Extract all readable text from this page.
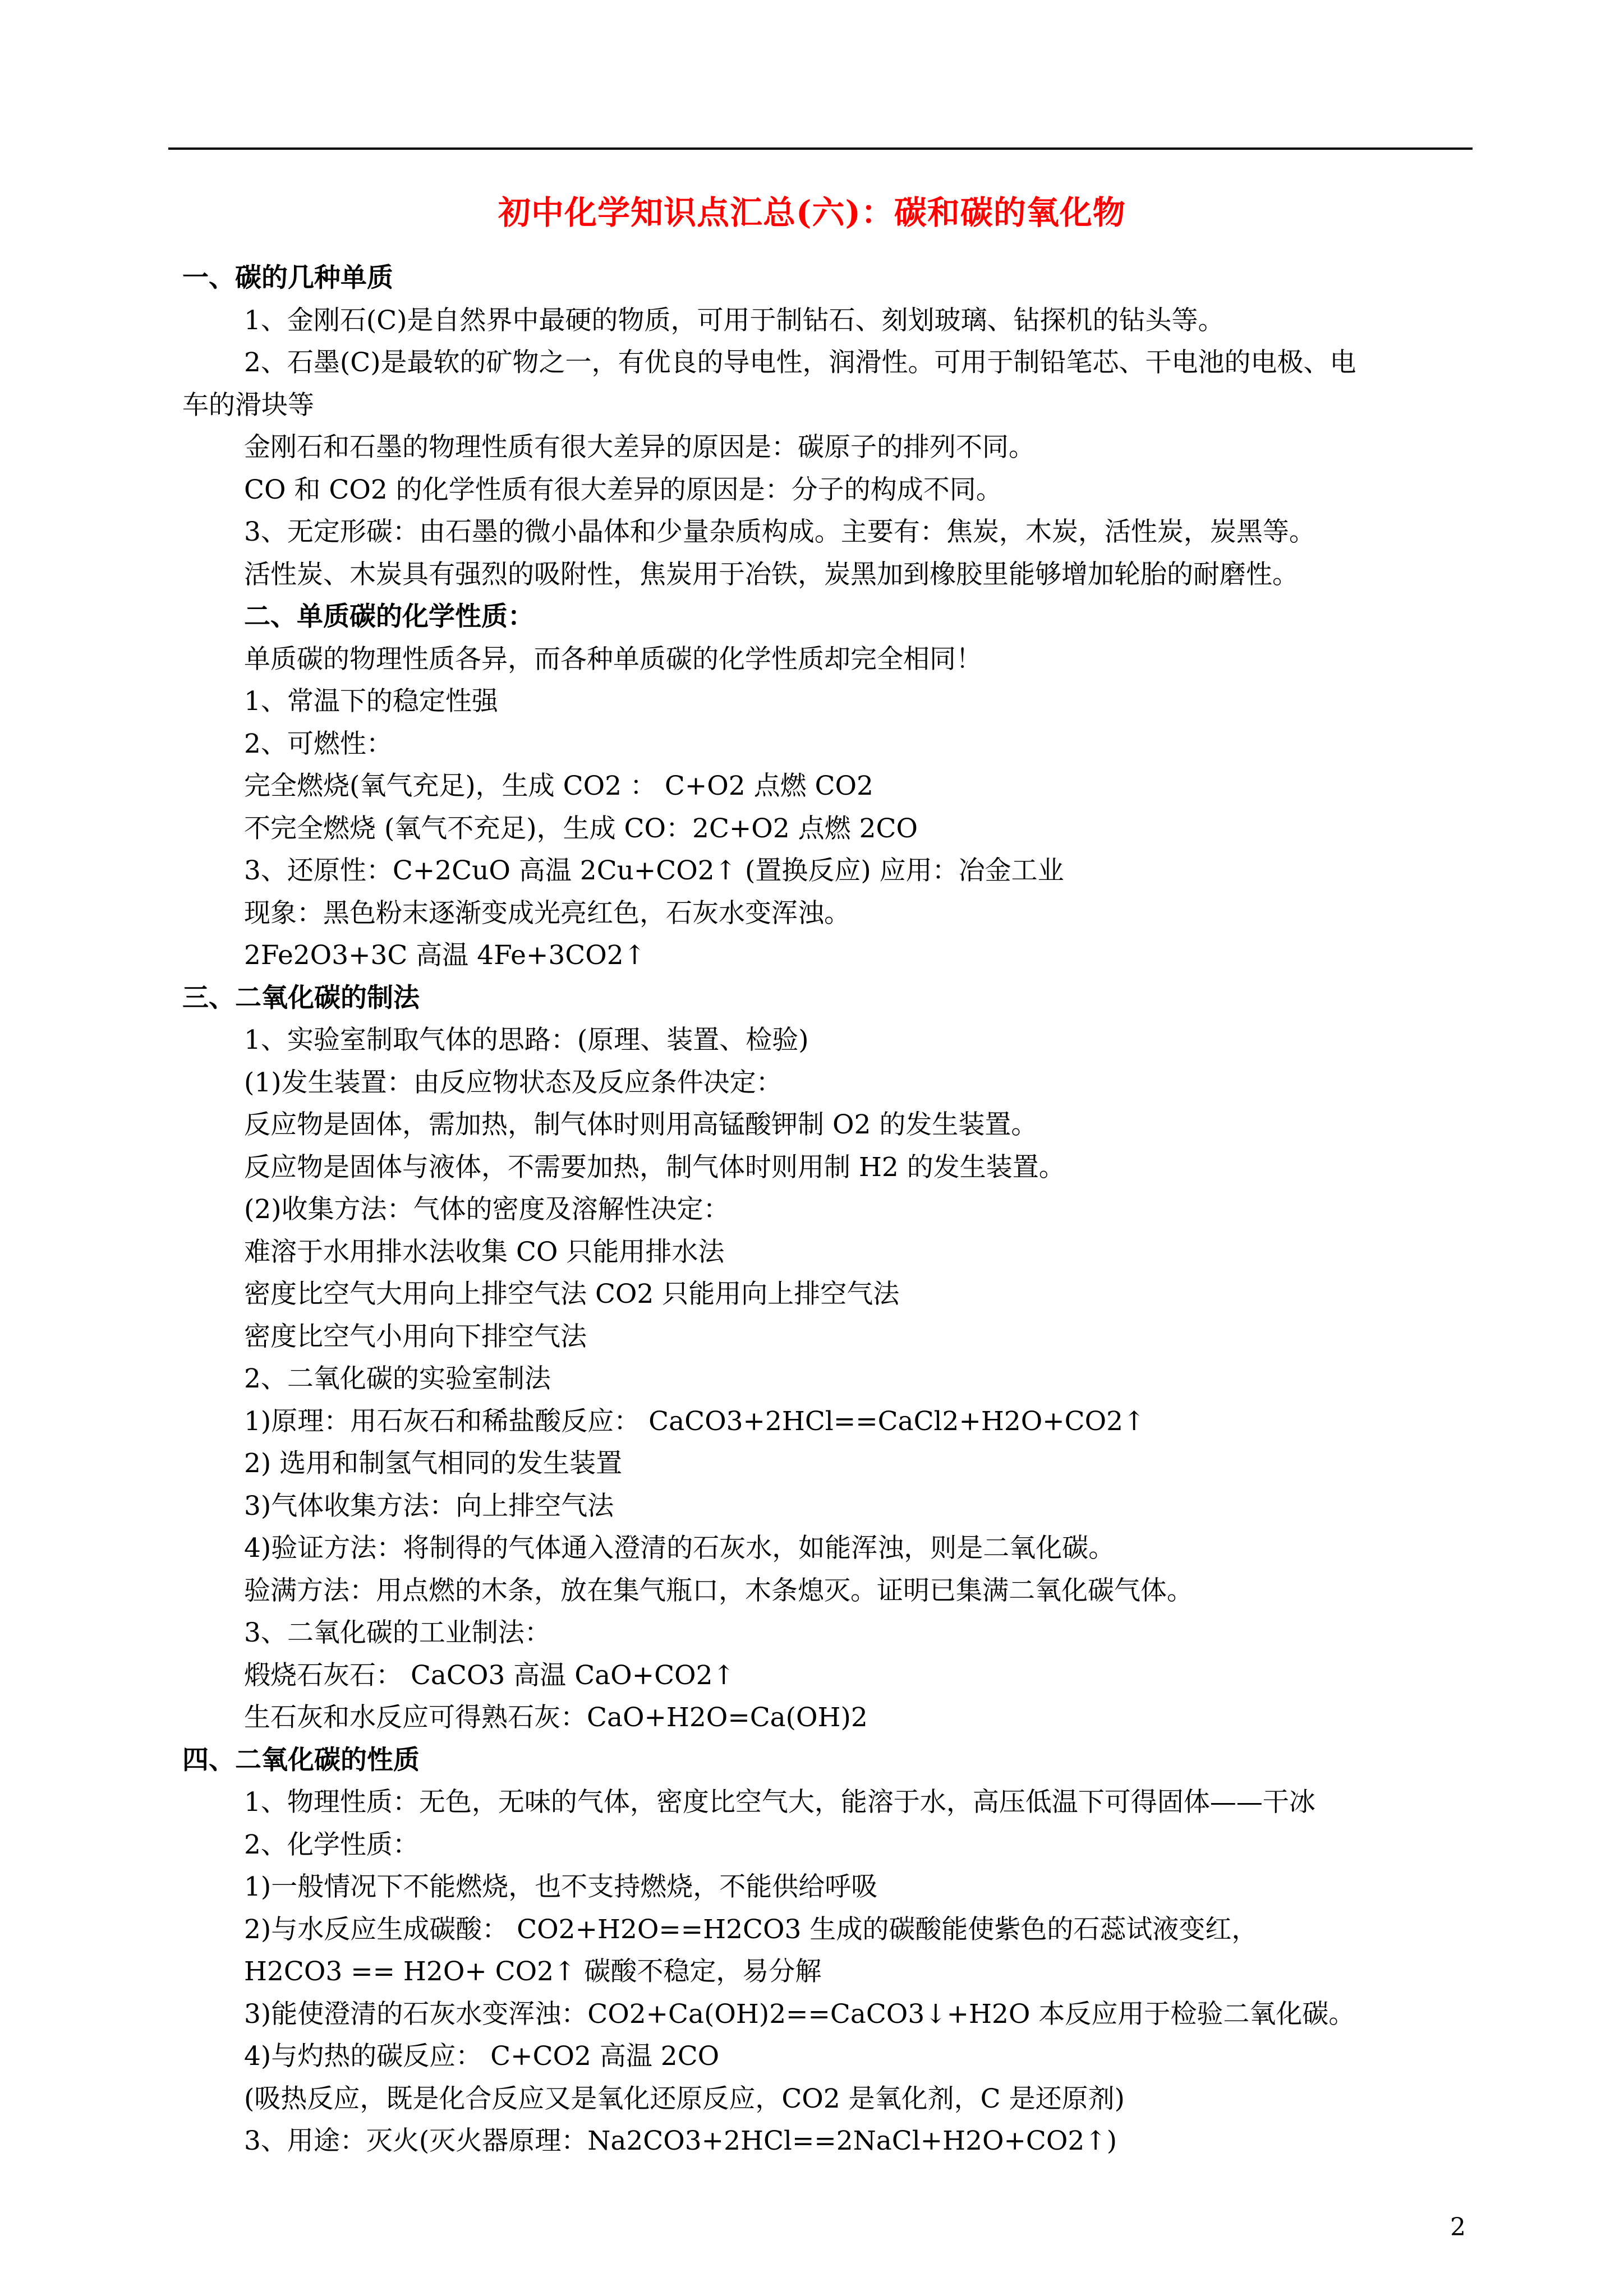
初中化学知识点汇总(六)：碳和碳的氧化物
一、碳的几种单质
1、金刚石(C)是自然界中最硬的物质，可用于制钻石、刻划玻璃、钻探机的钻头等。
2、石墨(C)是最软的矿物之一，有优良的导电性，润滑性。可用于制铅笔芯、干电池的电极、电
车的滑块等
金刚石和石墨的物理性质有很大差异的原因是：碳原子的排列不同。
CO 和 CO2 的化学性质有很大差异的原因是：分子的构成不同。
3、无定形碳：由石墨的微小晶体和少量杂质构成。主要有：焦炭，木炭，活性炭，炭黑等。
活性炭、木炭具有强烈的吸附性，焦炭用于冶铁，炭黑加到橡胶里能够增加轮胎的耐磨性。
二、单质碳的化学性质：
单质碳的物理性质各异，而各种单质碳的化学性质却完全相同！
1、常温下的稳定性强
2、可燃性：
完全燃烧(氧气充足)，生成 CO2 ： C+O2 点燃 CO2
不完全燃烧 (氧气不充足)，生成 CO：2C+O2 点燃 2CO
3、还原性：C+2CuO 高温 2Cu+CO2↑ (置换反应) 应用：冶金工业
现象：黑色粉末逐渐变成光亮红色，石灰水变浑浊。
2Fe2O3+3C 高温 4Fe+3CO2↑
三、二氧化碳的制法
1、实验室制取气体的思路：(原理、装置、检验)
(1)发生装置：由反应物状态及反应条件决定：
反应物是固体，需加热，制气体时则用高锰酸钾制 O2 的发生装置。
反应物是固体与液体，不需要加热，制气体时则用制 H2 的发生装置。
(2)收集方法：气体的密度及溶解性决定：
难溶于水用排水法收集 CO 只能用排水法
密度比空气大用向上排空气法 CO2 只能用向上排空气法
密度比空气小用向下排空气法
2、二氧化碳的实验室制法
1)原理：用石灰石和稀盐酸反应： CaCO3+2HCl==CaCl2+H2O+CO2↑
2) 选用和制氢气相同的发生装置
3)气体收集方法：向上排空气法
4)验证方法：将制得的气体通入澄清的石灰水，如能浑浊，则是二氧化碳。
验满方法：用点燃的木条，放在集气瓶口，木条熄灭。证明已集满二氧化碳气体。
3、二氧化碳的工业制法：
煅烧石灰石： CaCO3 高温 CaO+CO2↑
生石灰和水反应可得熟石灰：CaO+H2O=Ca(OH)2
四、二氧化碳的性质
1、物理性质：无色，无味的气体，密度比空气大，能溶于水，高压低温下可得固体——干冰
2、化学性质：
1)一般情况下不能燃烧，也不支持燃烧，不能供给呼吸
2)与水反应生成碳酸： CO2+H2O==H2CO3 生成的碳酸能使紫色的石蕊试液变红，
H2CO3 == H2O+ CO2↑ 碳酸不稳定，易分解
3)能使澄清的石灰水变浑浊：CO2+Ca(OH)2==CaCO3↓+H2O 本反应用于检验二氧化碳。
4)与灼热的碳反应： C+CO2 高温 2CO
(吸热反应，既是化合反应又是氧化还原反应，CO2 是氧化剂，C 是还原剂)
3、用途：灭火(灭火器原理：Na2CO3+2HCl==2NaCl+H2O+CO2↑)
2
